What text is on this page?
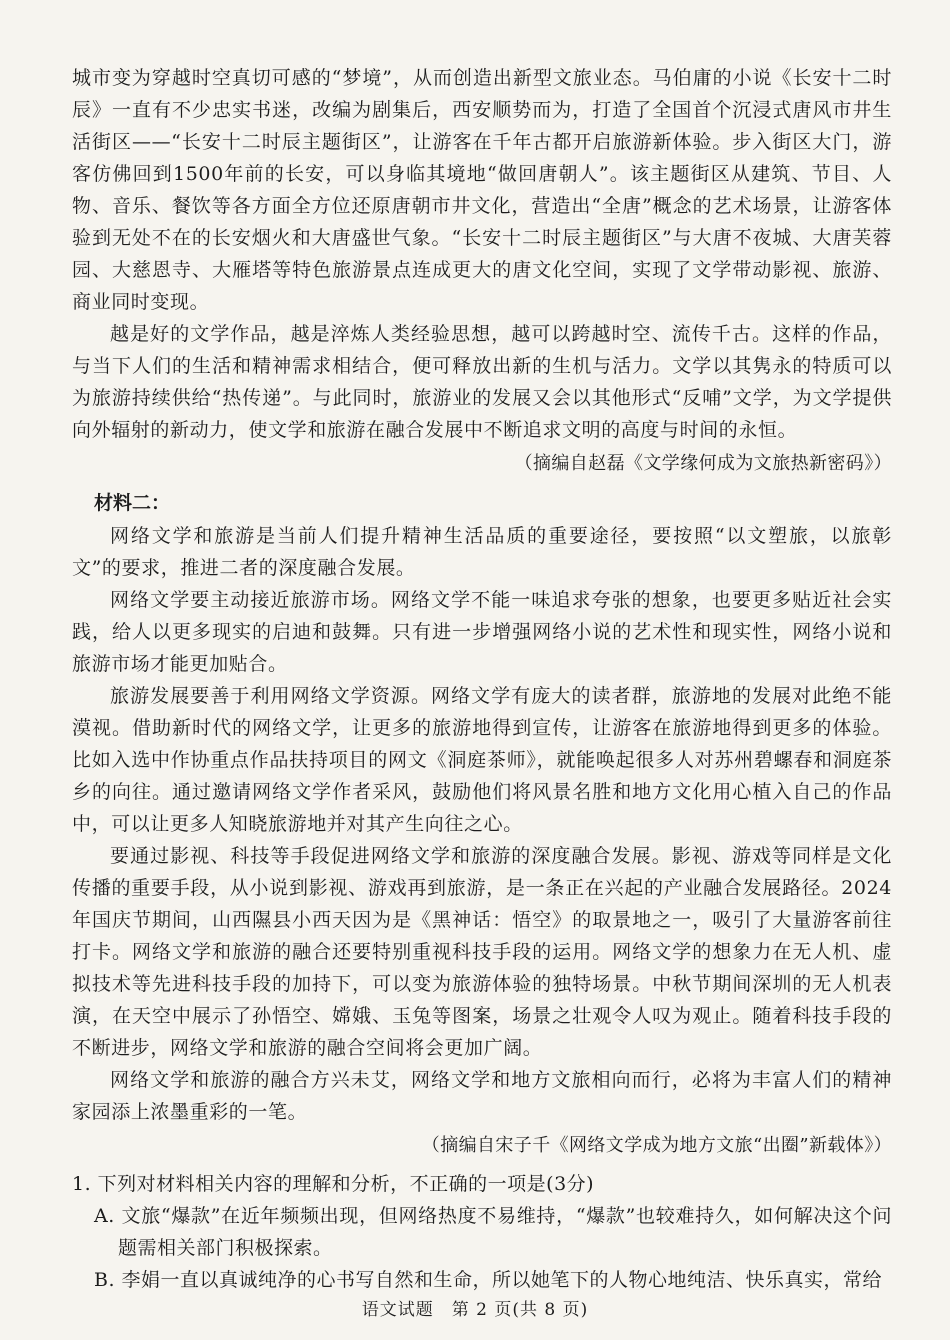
城市变为穿越时空真切可感的“梦境”，从而创造出新型文旅业态。马伯庸的小说《长安十二时辰》一直有不少忠实书迷，改编为剧集后，西安顺势而为，打造了全国首个沉浸式唐风市井生活街区——“长安十二时辰主题街区”，让游客在千年古都开启旅游新体验。步入街区大门，游客仿佛回到1500年前的长安，可以身临其境地“做回唐朝人”。该主题街区从建筑、节目、人物、音乐、餐饮等各方面全方位还原唐朝市井文化，营造出“全唐”概念的艺术场景，让游客体验到无处不在的长安烟火和大唐盛世气象。“长安十二时辰主题街区”与大唐不夜城、大唐芙蓉园、大慈恩寺、大雁塔等特色旅游景点连成更大的唐文化空间，实现了文学带动影视、旅游、商业同时变现。

越是好的文学作品，越是淬炼人类经验思想，越可以跨越时空、流传千古。这样的作品，与当下人们的生活和精神需求相结合，便可释放出新的生机与活力。文学以其隽永的特质可以为旅游持续供给“热传递”。与此同时，旅游业的发展又会以其他形式“反哺”文学，为文学提供向外辐射的新动力，使文学和旅游在融合发展中不断追求文明的高度与时间的永恒。

（摘编自赵磊《文学缘何成为文旅热新密码》）

材料二：

网络文学和旅游是当前人们提升精神生活品质的重要途径，要按照“以文塑旅，以旅彰文”的要求，推进二者的深度融合发展。

网络文学要主动接近旅游市场。网络文学不能一味追求夸张的想象，也要更多贴近社会实践，给人以更多现实的启迪和鼓舞。只有进一步增强网络小说的艺术性和现实性，网络小说和旅游市场才能更加贴合。

旅游发展要善于利用网络文学资源。网络文学有庞大的读者群，旅游地的发展对此绝不能漠视。借助新时代的网络文学，让更多的旅游地得到宣传，让游客在旅游地得到更多的体验。比如入选中作协重点作品扶持项目的网文《洞庭茶师》，就能唤起很多人对苏州碧螺春和洞庭茶乡的向往。通过邀请网络文学作者采风，鼓励他们将风景名胜和地方文化用心植入自己的作品中，可以让更多人知晓旅游地并对其产生向往之心。

要通过影视、科技等手段促进网络文学和旅游的深度融合发展。影视、游戏等同样是文化传播的重要手段，从小说到影视、游戏再到旅游，是一条正在兴起的产业融合发展路径。2024年国庆节期间，山西隰县小西天因为是《黑神话：悟空》的取景地之一，吸引了大量游客前往打卡。网络文学和旅游的融合还要特别重视科技手段的运用。网络文学的想象力在无人机、虚拟技术等先进科技手段的加持下，可以变为旅游体验的独特场景。中秋节期间深圳的无人机表演，在天空中展示了孙悟空、嫦娥、玉兔等图案，场景之壮观令人叹为观止。随着科技手段的不断进步，网络文学和旅游的融合空间将会更加广阔。

网络文学和旅游的融合方兴未艾，网络文学和地方文旅相向而行，必将为丰富人们的精神家园添上浓墨重彩的一笔。

（摘编自宋子千《网络文学成为地方文旅“出圈”新载体》）

1. 下列对材料相关内容的理解和分析，不正确的一项是(3分)

A. 文旅“爆款”在近年频频出现，但网络热度不易维持，“爆款”也较难持久，如何解决这个问题需相关部门积极探索。

B. 李娟一直以真诚纯净的心书写自然和生命，所以她笔下的人物心地纯洁、快乐真实，常给

语文试题　第 2 页(共 8 页)
